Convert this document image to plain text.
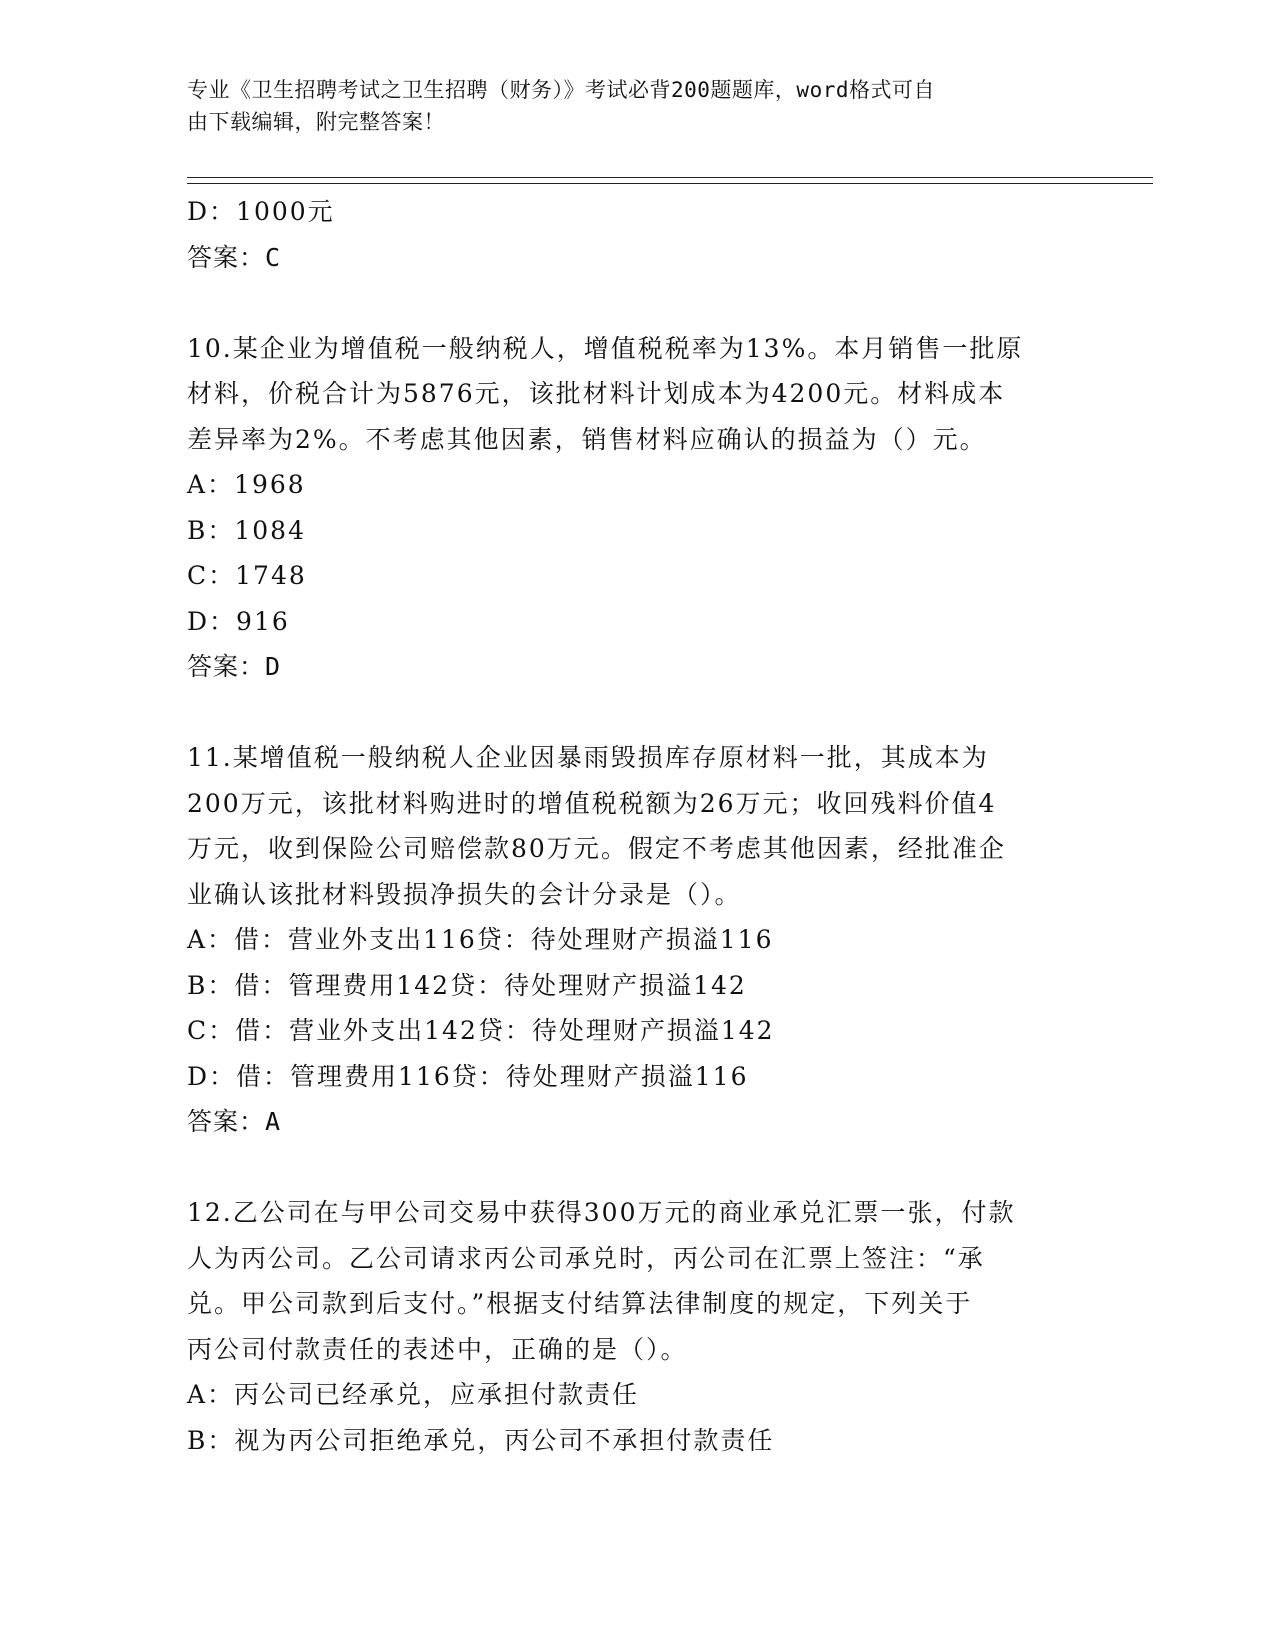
专业《卫生招聘考试之卫生招聘（财务）》考试必背200题题库，word格式可自
由下载编辑，附完整答案！
D：1000元
答案：C
10.某企业为增值税一般纳税人，增值税税率为13%。本月销售一批原
材料，价税合计为5876元，该批材料计划成本为4200元。材料成本
差异率为2%。不考虑其他因素，销售材料应确认的损益为（）元。
A：1968
B：1084
C：1748
D：916
答案：D
11.某增值税一般纳税人企业因暴雨毁损库存原材料一批，其成本为
200万元，该批材料购进时的增值税税额为26万元；收回残料价值4
万元，收到保险公司赔偿款80万元。假定不考虑其他因素，经批准企
业确认该批材料毁损净损失的会计分录是（）。
A：借：营业外支出116贷：待处理财产损溢116
B：借：管理费用142贷：待处理财产损溢142
C：借：营业外支出142贷：待处理财产损溢142
D：借：管理费用116贷：待处理财产损溢116
答案：A
12.乙公司在与甲公司交易中获得300万元的商业承兑汇票一张，付款
人为丙公司。乙公司请求丙公司承兑时，丙公司在汇票上签注：“承
兑。甲公司款到后支付。”根据支付结算法律制度的规定，下列关于
丙公司付款责任的表述中，正确的是（）。
A：丙公司已经承兑，应承担付款责任
B：视为丙公司拒绝承兑，丙公司不承担付款责任
